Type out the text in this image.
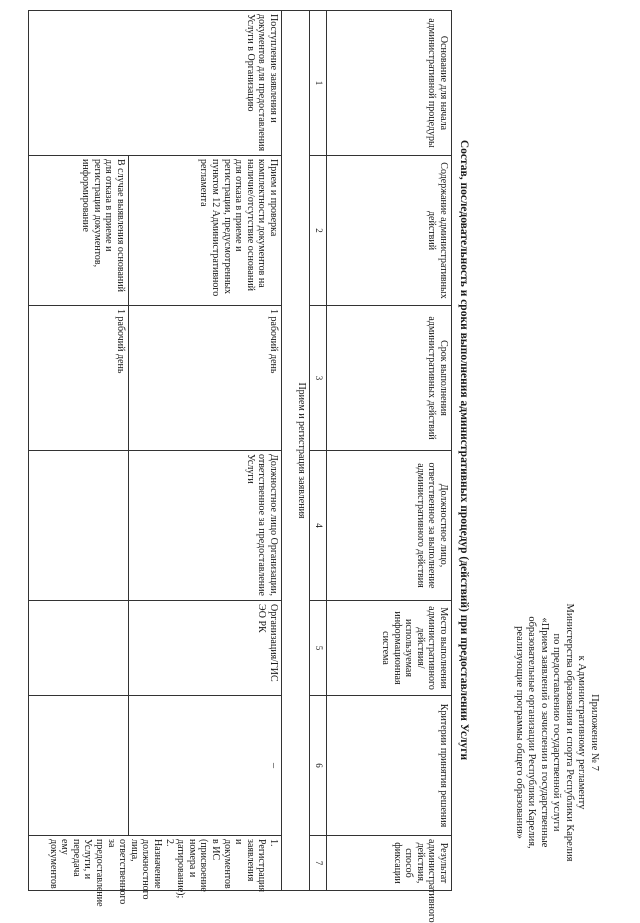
Приложение № 7
к Административному регламенту
Министерства образования и спорта Республики Карелия
по предоставлению государственной услуги
«Прием заявлений о зачислении в государственные
образовательные организации Республики Карелия,
реализующие программы общего образования»
Состав, последовательность и сроки выполнения административных процедур (действий) при предоставлении Услуги
Основание для начала административной процедуры	Содержание административных действий	Срок выполнения административных действий	Должностное лицо, ответственное за выполнение административного действия	Место выполнения административного действия/ используемая информационная система	Критерии принятия решения	Результат административного действия, способ фиксации
1	2	3	4	5	6	7
Прием и регистрация заявления						
Поступление заявления и документов для предоставления Услуги в Организацию	Прием и проверка комплектности документов на наличие/отсутствие оснований для отказа в приеме и регистрации, предусмотренных пунктом 12 Административного регламента	1 рабочий день	Должностное лицо Организации, ответственное за предоставление Услуги	Организация/ГИС ЭО РК	–	1. Регистрация заявления и документов в ИС (присвоение номера и датирование); 2. Назначение должностного лица, ответственного за предоставление Услуги, и передача ему документов
	В случае выявления оснований для отказа в приеме и регистрации документов, информирование	1 рабочий день				
